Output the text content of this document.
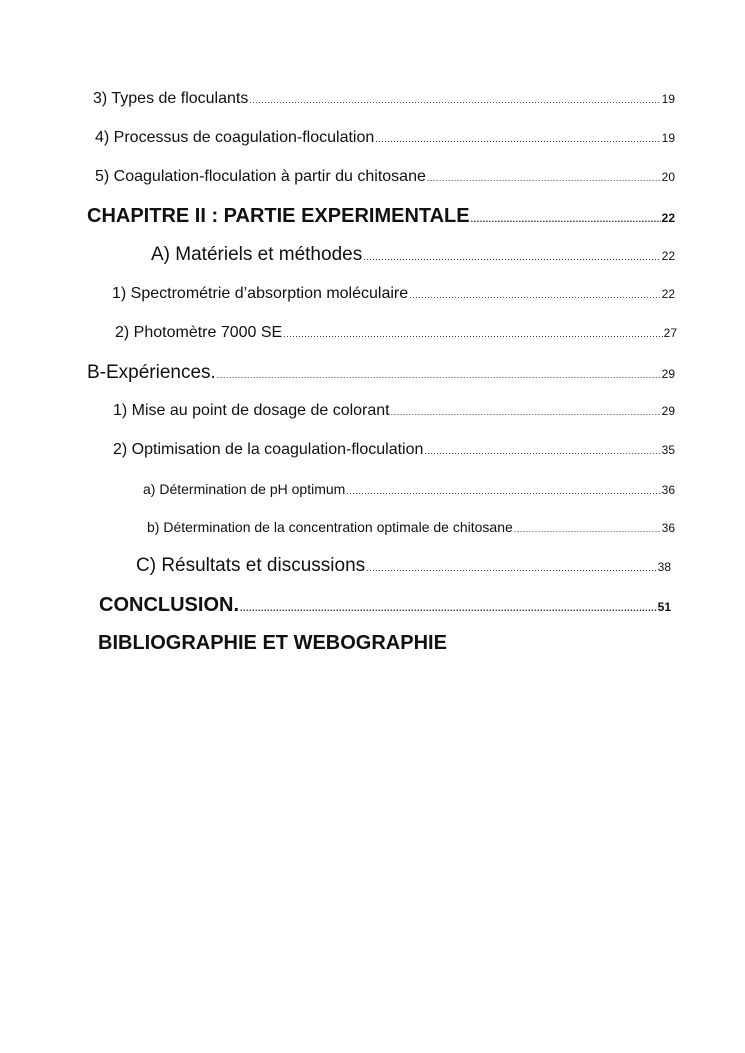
3) Types de floculants .....	19
4) Processus de coagulation-floculation .....	19
5) Coagulation-floculation à partir du chitosane .....	20
CHAPITRE II : PARTIE EXPERIMENTALE .....	22
A) Matériels et méthodes .....	22
1) Spectrométrie d’absorption moléculaire .....	22
2) Photomètre 7000 SE .....	27
B-Expériences. .....	29
1) Mise au point de dosage de colorant .....	29
2) Optimisation de la coagulation-floculation .....	35
a) Détermination de pH optimum .....	36
b) Détermination de la concentration optimale de chitosane .....	36
C) Résultats et discussions .....	38
CONCLUSION. .....	51
BIBLIOGRAPHIE ET WEBOGRAPHIE
